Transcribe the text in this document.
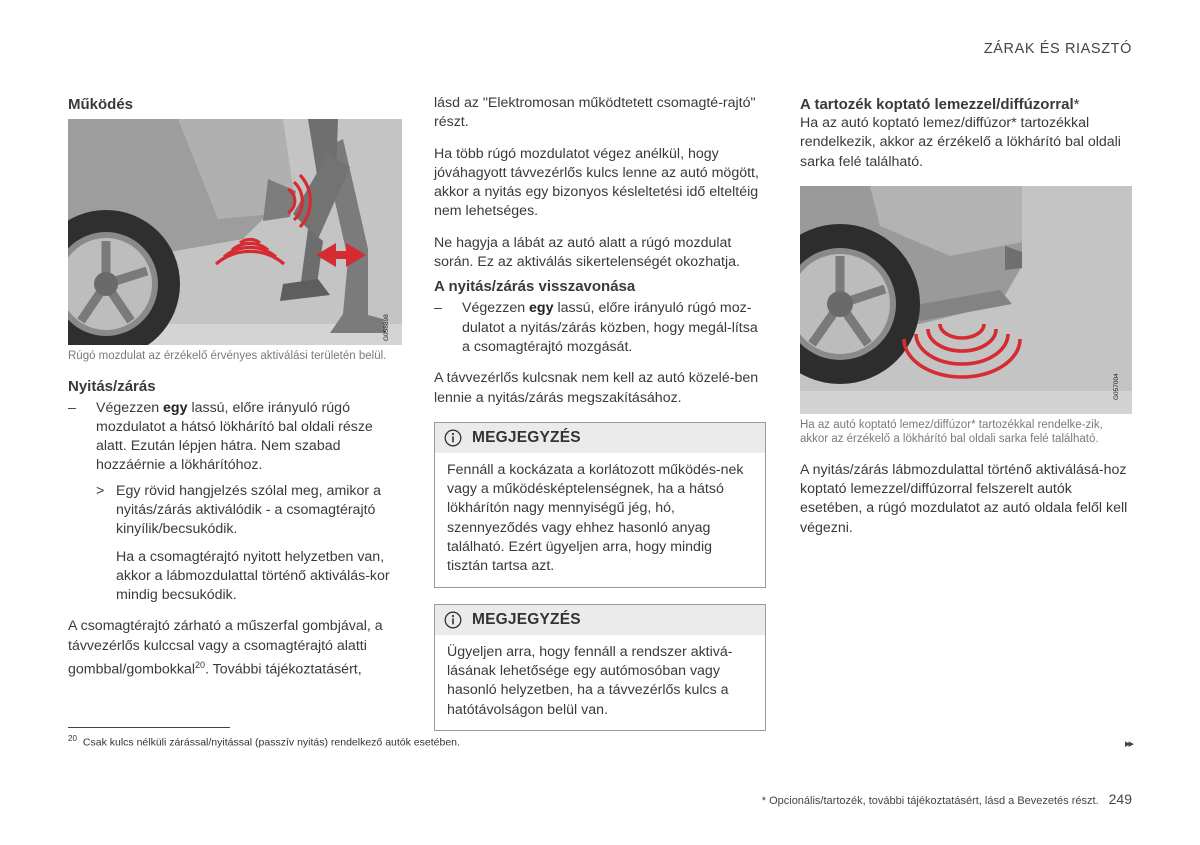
ZÁRAK ÉS RIASZTÓ
Működés
G058898
Rúgó mozdulat az érzékelő érvényes aktiválási területén belül.
Nyitás/zárás
– Végezzen egy lassú, előre irányuló rúgó mozdulatot a hátsó lökhárító bal oldali része alatt. Ezután lépjen hátra. Nem szabad hozzáérnie a lökhárítóhoz.
> Egy rövid hangjelzés szólal meg, amikor a nyitás/zárás aktiválódik - a csomagtérajtó kinyílik/becsukódik.
Ha a csomagtérajtó nyitott helyzetben van, akkor a lábmozdulattal történő aktiválás-kor mindig becsukódik.

A csomagtérajtó zárható a műszerfal gombjával, a távvezérlős kulccsal vagy a csomagtérajtó alatti gombbal/gombokkal$^{20}$. További tájékoztatásért,

lásd az "Elektromosan működtetett csomagté-rajtó" részt.

Ha több rúgó mozdulatot végez anélkül, hogy jóváhagyott távvezérlős kulcs lenne az autó mögött, akkor a nyitás egy bizonyos késleltetési idő elteltéig nem lehetséges.

Ne hagyja a lábát az autó alatt a rúgó mozdulat során. Ez az aktiválás sikertelenségét okozhatja.

A nyitás/zárás visszavonása
– Végezzen egy lassú, előre irányuló rúgó moz-dulatot a nyitás/zárás közben, hogy megál-lítsa a csomagtérajtó mozgását.

A távvezérlős kulcsnak nem kell az autó közelé-ben lennie a nyitás/zárás megszakításához.

MEGJEGYZÉS
Fennáll a kockázata a korlátozott működés-nek vagy a működésképtelenségnek, ha a hátsó lökhárítón nagy mennyiségű jég, hó, szennyeződés vagy ehhez hasonló anyag található. Ezért ügyeljen arra, hogy mindig tisztán tartsa azt.
MEGJEGYZÉS
Ügyeljen arra, hogy fennáll a rendszer aktivá-lásának lehetősége egy autómosóban vagy hasonló helyzetben, ha a távvezérlős kulcs a hatótávolságon belül van.
A tartozék koptató lemezzel/diffúzorral*

Ha az autó koptató lemez/diffúzor* tartozékkal rendelkezik, akkor az érzékelő a lökhárító bal oldali sarka felé található.

G057004
Ha az autó koptató lemez/diffúzor* tartozékkal rendelke-zik, akkor az érzékelő a lökhárító bal oldali sarka felé található.

A nyitás/zárás lábmozdulattal történő aktiválásá-hoz koptató lemezzel/diffúzorral felszerelt autók esetében, a rúgó mozdulatot az autó oldala felől kell végezni.

$^{20}$ Csak kulcs nélküli zárással/nyitással (passzív nyitás) rendelkező autók esetében.	▸▸
* Opcionális/tartozék, további tájékoztatásért, lásd a Bevezetés részt. 249
